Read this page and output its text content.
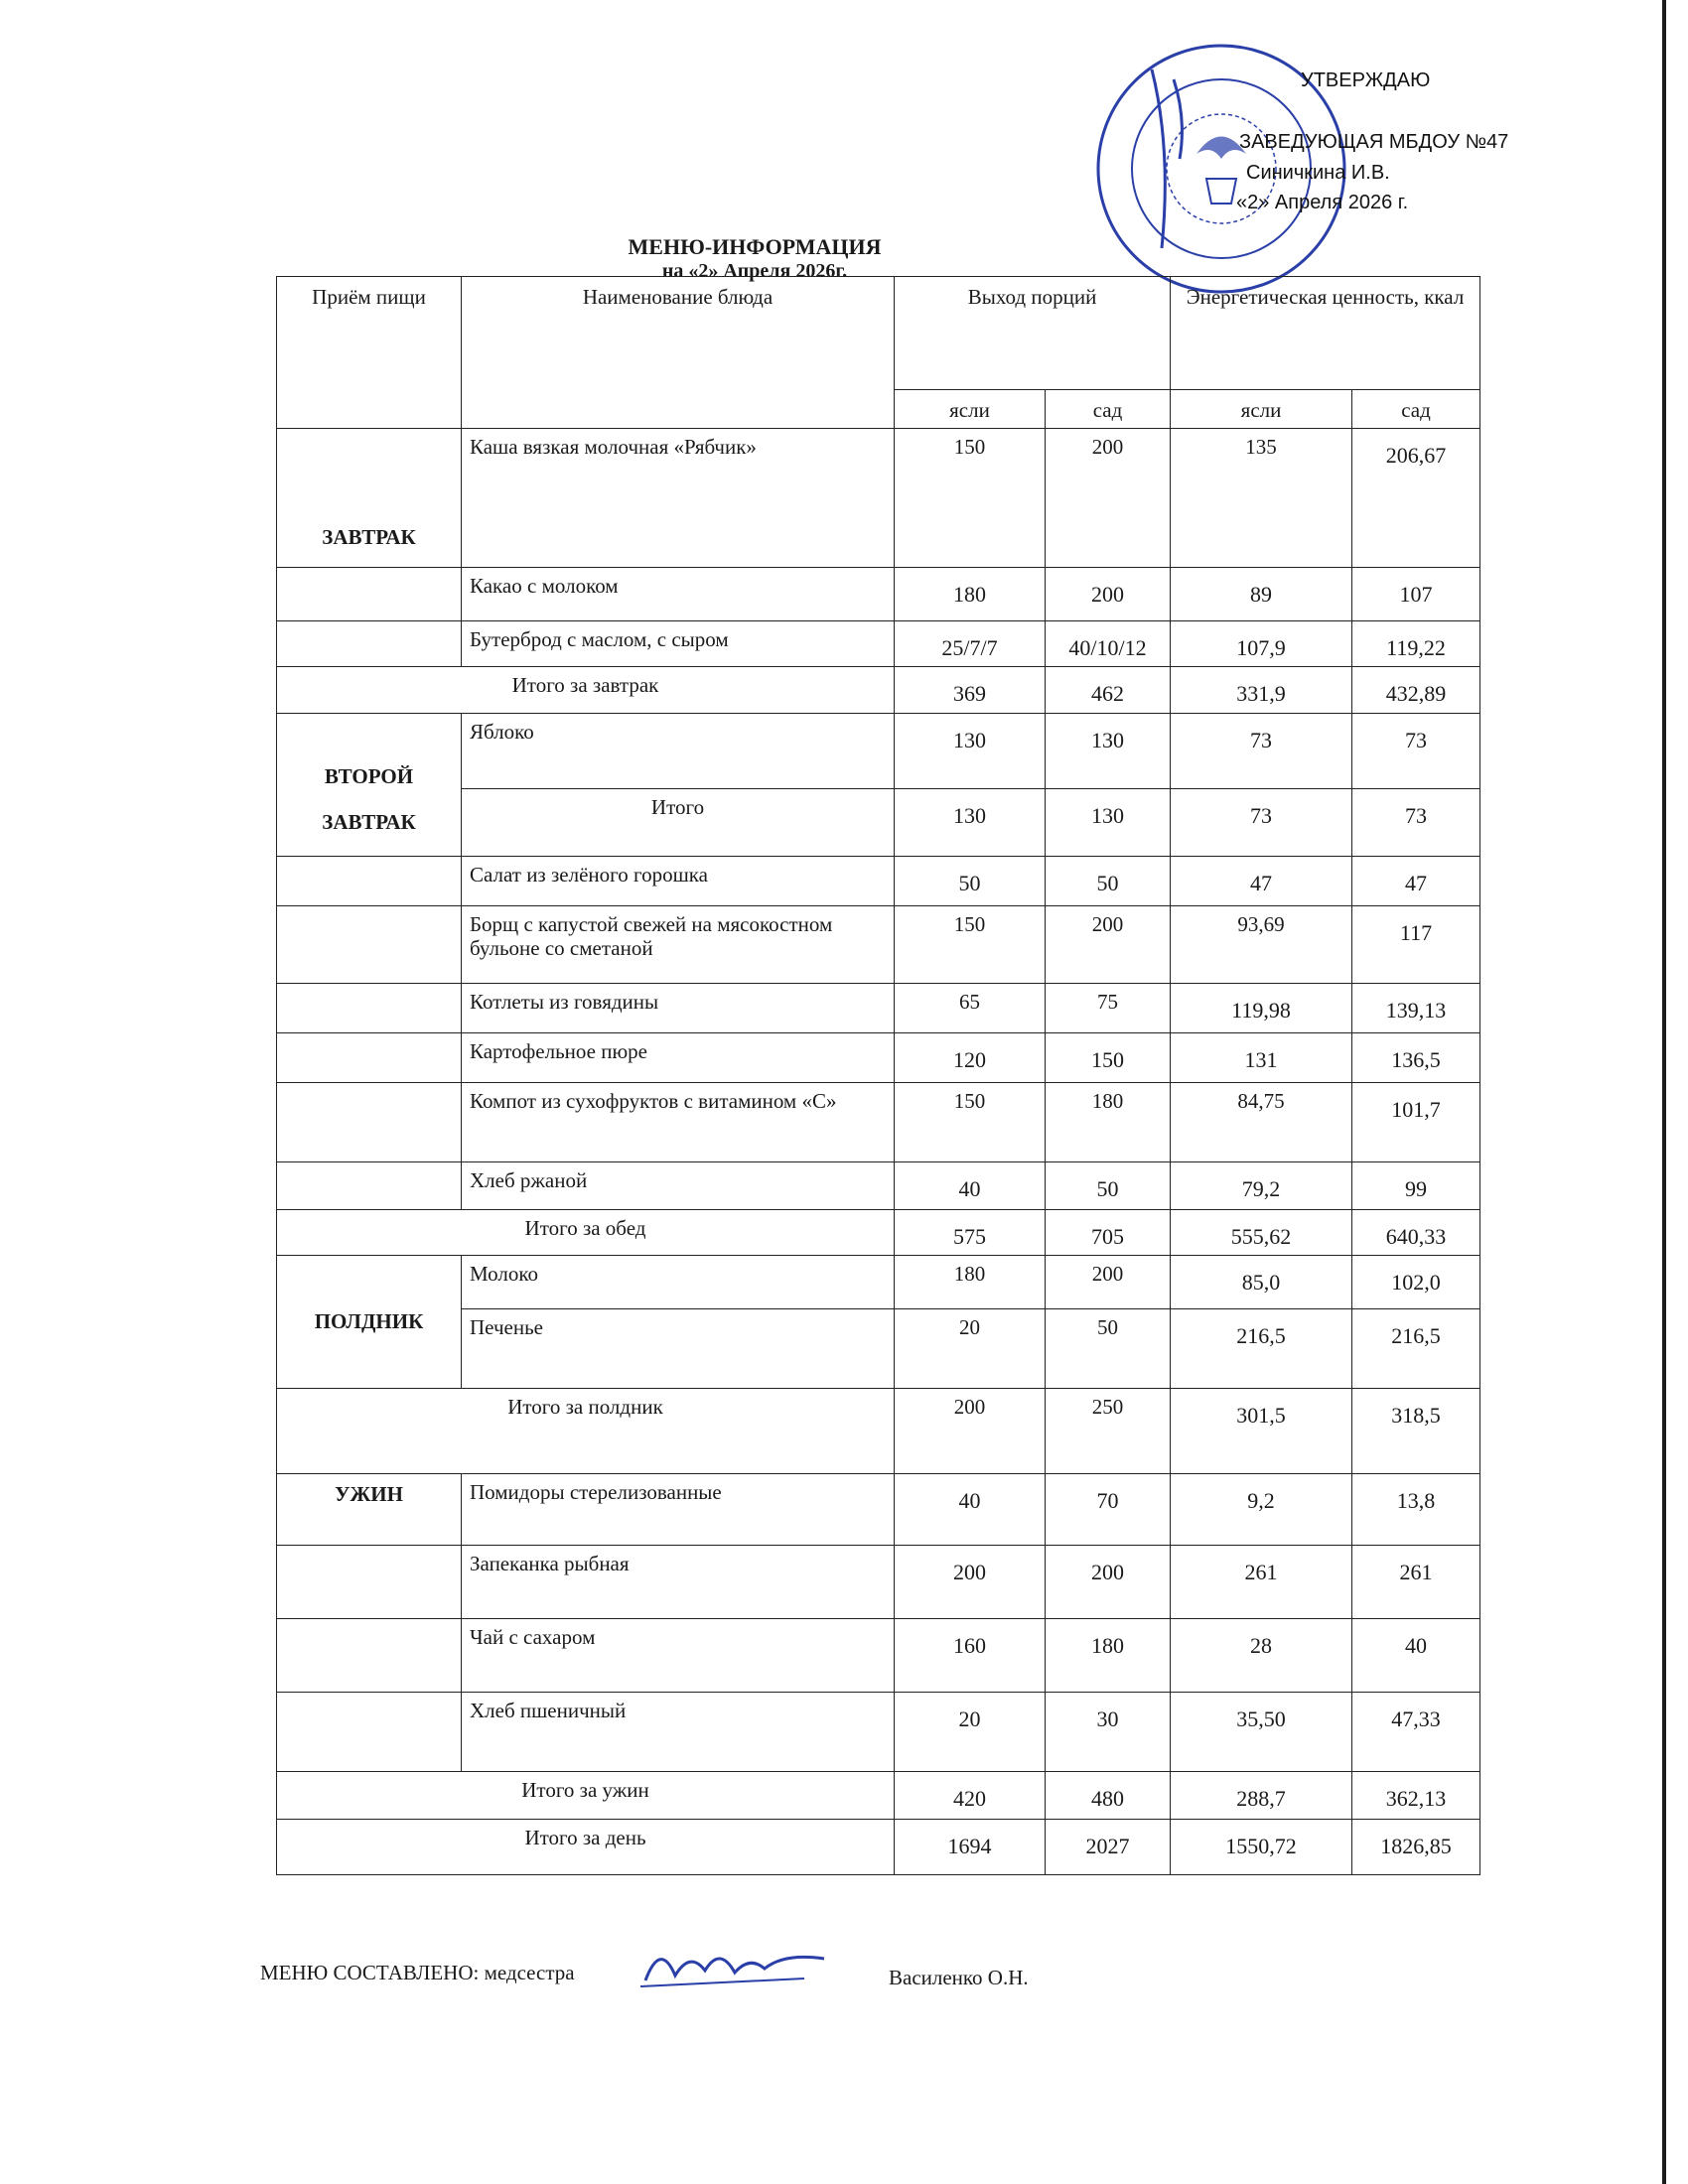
УТВЕРЖДАЮ
ЗАВЕДУЮЩАЯ МБДОУ №47
Синичкина И.В.
«2» Апреля 2026 г.
МЕНЮ-ИНФОРМАЦИЯ
на «2» Апреля 2026г.
Приём пищи	Наименование блюда	Выход порций		Энергетическая ценность, ккал	
		ясли	сад	ясли	сад
ЗАВТРАК	Каша вязкая молочная «Рябчик»	150	200	135	206,67
	Какао с молоком	180	200	89	107
	Бутерброд с маслом, с сыром	25/7/7	40/10/12	107,9	119,22
Итого за завтрак		369	462	331,9	432,89

ВТОРОЙ
ЗАВТРАК	Яблоко	130	130	73	73
	Итого	130	130	73	73
	Салат из зелёного горошка	50	50	47	47
	Борщ с капустой свежей на мясокостном бульоне со сметаной	150	200	93,69	117
	Котлеты из говядины	65	75	119,98	139,13
	Картофельное пюре	120	150	131	136,5
	Компот из сухофруктов с витамином «С»	150	180	84,75	101,7
	Хлеб ржаной	40	50	79,2	99
Итого за обед		575	705	555,62	640,33
ПОЛДНИК	Молоко	180	200	85,0	102,0
	Печенье	20	50	216,5	216,5
Итого за полдник		200	250	301,5	318,5
УЖИН	Помидоры стерелизованные	40	70	9,2	13,8
	Запеканка рыбная	200	200	261	261
	Чай с сахаром	160	180	28	40
	Хлеб пшеничный	20	30	35,50	47,33
Итого за ужин		420	480	288,7	362,13
Итого за день		1694	2027	1550,72	1826,85
МЕНЮ СОСТАВЛЕНО: медсестра	Василенко О.Н.
